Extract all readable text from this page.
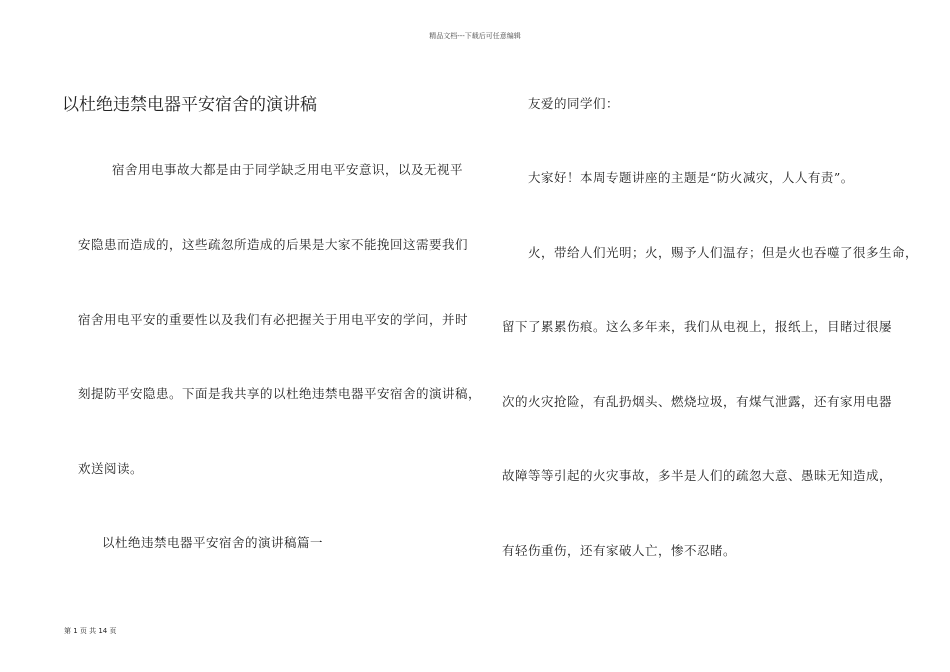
精品文档---下载后可任意编辑
以杜绝违禁电器平安宿舍的演讲稿
宿舍用电事故大都是由于同学缺乏用电平安意识，以及无视平
安隐患而造成的，这些疏忽所造成的后果是大家不能挽回这需要我们
宿舍用电平安的重要性以及我们有必把握关于用电平安的学问，并时
刻提防平安隐患。下面是我共享的以杜绝违禁电器平安宿舍的演讲稿，
欢送阅读。
以杜绝违禁电器平安宿舍的演讲稿篇一
友爱的同学们：
大家好！本周专题讲座的主题是“防火减灾，人人有责”。
火，带给人们光明；火，赐予人们温存；但是火也吞噬了很多生命，
留下了累累伤痕。这么多年来，我们从电视上，报纸上，目睹过很屡
次的火灾抢险，有乱扔烟头、燃烧垃圾，有煤气泄露，还有家用电器
故障等等引起的火灾事故，多半是人们的疏忽大意、愚昧无知造成，
有轻伤重伤，还有家破人亡，惨不忍睹。
第 1 页 共 14 页
